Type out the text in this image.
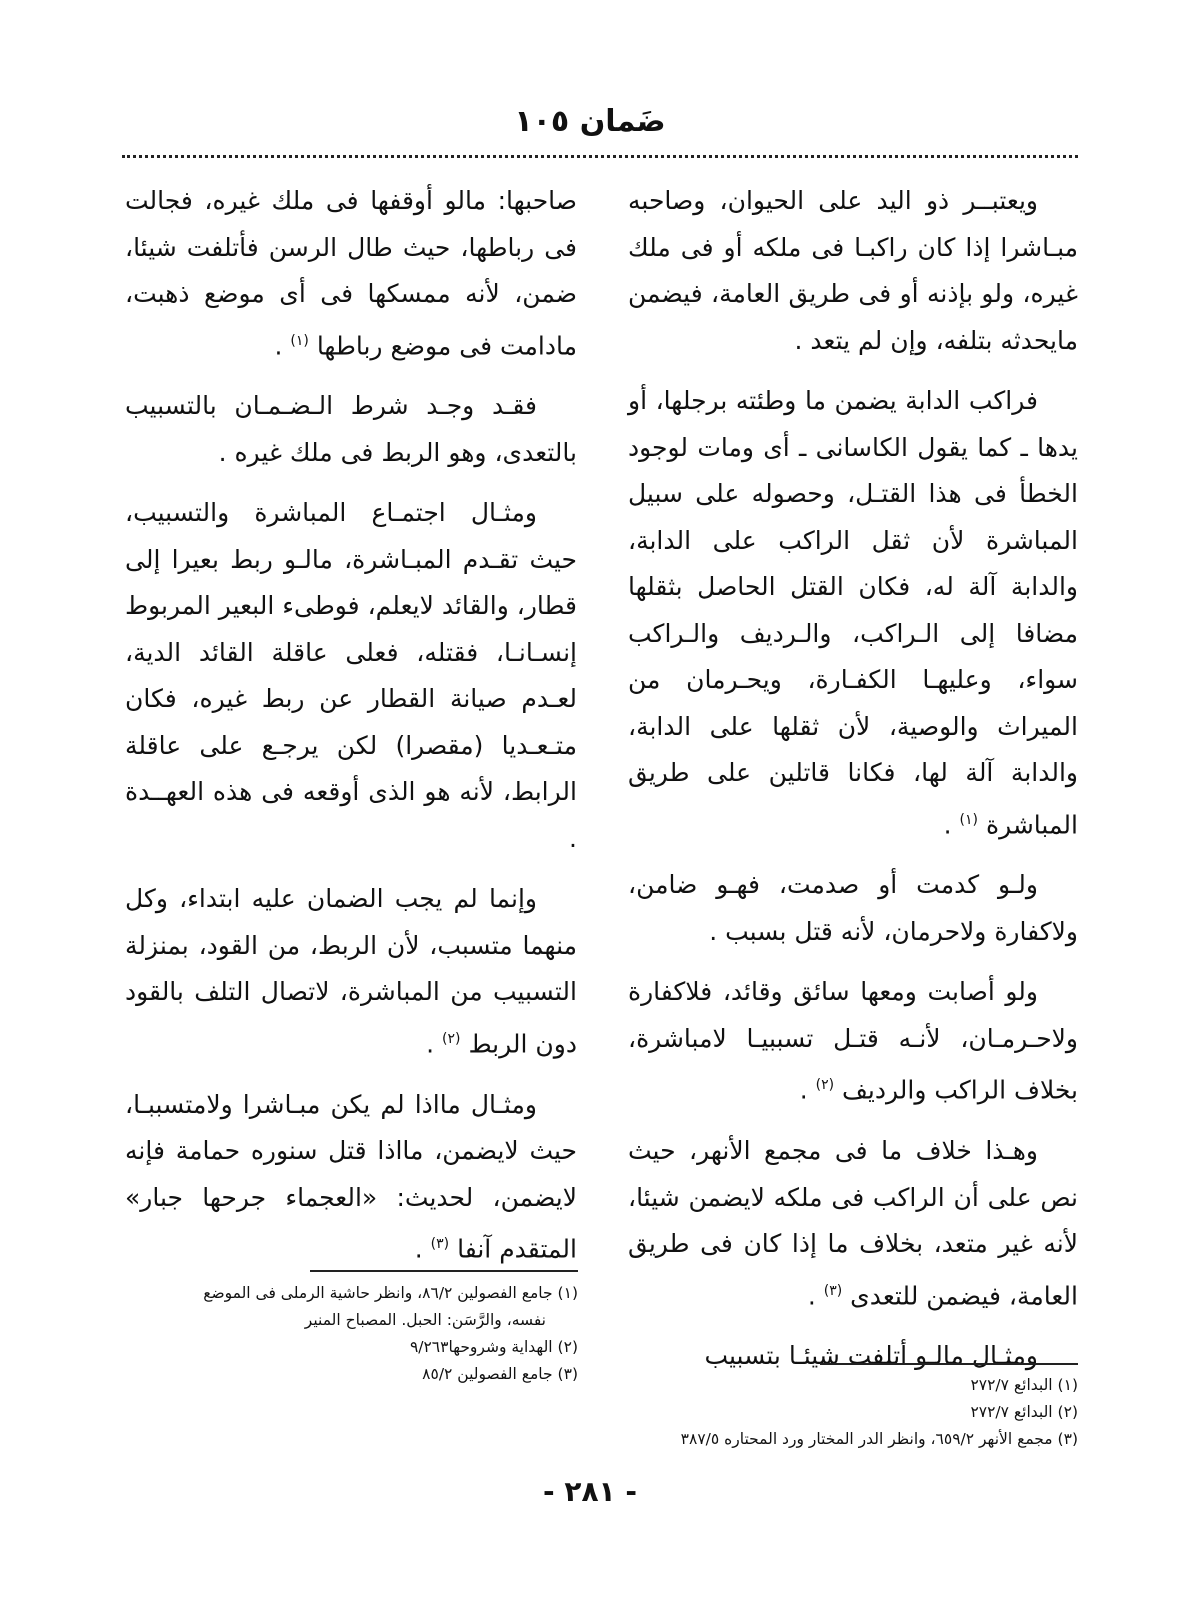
ضَمان ١٠٥

ويعتبــر ذو اليد على الحيوان، وصاحبه مبـاشرا إذا كان راكبـا فى ملكه أو فى ملك غيره، ولو بإذنه أو فى طريق العامة، فيضمن مايحدثه بتلفه، وإن لم يتعد .

فراكب الدابة يضمن ما وطئته برجلها، أو يدها ـ كما يقول الكاسانى ـ أى ومات لوجود الخطأ فى هذا القتـل، وحصوله على سبيل المباشرة لأن ثقل الراكب على الدابة، والدابة آلة له، فكان القتل الحاصل بثقلها مضافا إلى الـراكب، والـرديف والـراكب سواء، وعليهـا الكفـارة، ويحـرمان من الميراث والوصية، لأن ثقلها على الدابة، والدابة آلة لها، فكانا قاتلين على طريق المباشرة $^{(١)}$ .

ولـو كدمت أو صدمت، فهـو ضامن، ولاكفارة ولاحرمان، لأنه قتل بسبب .

ولو أصابت ومعها سائق وقائد، فلاكفارة ولاحـرمـان، لأنـه قتـل تسببيـا لامباشرة، بخلاف الراكب والرديف $^{(٢)}$ .

وهـذا خلاف ما فى مجمع الأنهر، حيث نص على أن الراكب فى ملكه لايضمن شيئا، لأنه غير متعد، بخلاف ما إذا كان فى طريق العامة، فيضمن للتعدى $^{(٣)}$ .

ومثـال مالـو أتلفت شيئـا بتسبيب

صاحبها: مالو أوقفها فى ملك غيره، فجالت فى رباطها، حيث طال الرسن فأتلفت شيئا، ضمن، لأنه ممسكها فى أى موضع ذهبت، مادامت فى موضع رباطها $^{(١)}$ .

فقـد وجـد شرط الـضـمـان بالتسبيب بالتعدى، وهو الربط فى ملك غيره .

ومثـال اجتمـاع المباشرة والتسبيب، حيث تقـدم المبـاشرة، مالـو ربط بعيرا إلى قطار، والقائد لايعلم، فوطىء البعير المربوط إنسـانـا، فقتله، فعلى عاقلة القائد الدية، لعـدم صيانة القطار عن ربط غيره، فكان متـعـديا (مقصرا) لكن يرجـع على عاقلة الرابط، لأنه هو الذى أوقعه فى هذه العهــدة .

وإنما لم يجب الضمان عليه ابتداء، وكل منهما متسبب، لأن الربط، من القود، بمنزلة التسبيب من المباشرة، لاتصال التلف بالقود دون الربط $^{(٢)}$ .

ومثـال مااذا لم يكن مبـاشرا ولامتسببـا، حيث لايضمن، مااذا قتل سنوره حمامة فإنه لايضمن، لحديث: «العجماء جرحها جبار» المتقدم آنفا $^{(٣)}$ .

(١) جامع الفصولين ٨٦/٢، وانظر حاشية الرملى فى الموضع
نفسه، والرَّسَن: الحبل. المصباح المنير
(٢) الهداية وشروحها٩/٢٦٣
(٣) جامع الفصولين ٨٥/٢
(١) البدائع ٢٧٢/٧
(٢) البدائع ٢٧٢/٧
(٣) مجمع الأنهر ٦٥٩/٢، وانظر الدر المختار ورد المحتاره ٣٨٧/٥
- ٢٨١ -
